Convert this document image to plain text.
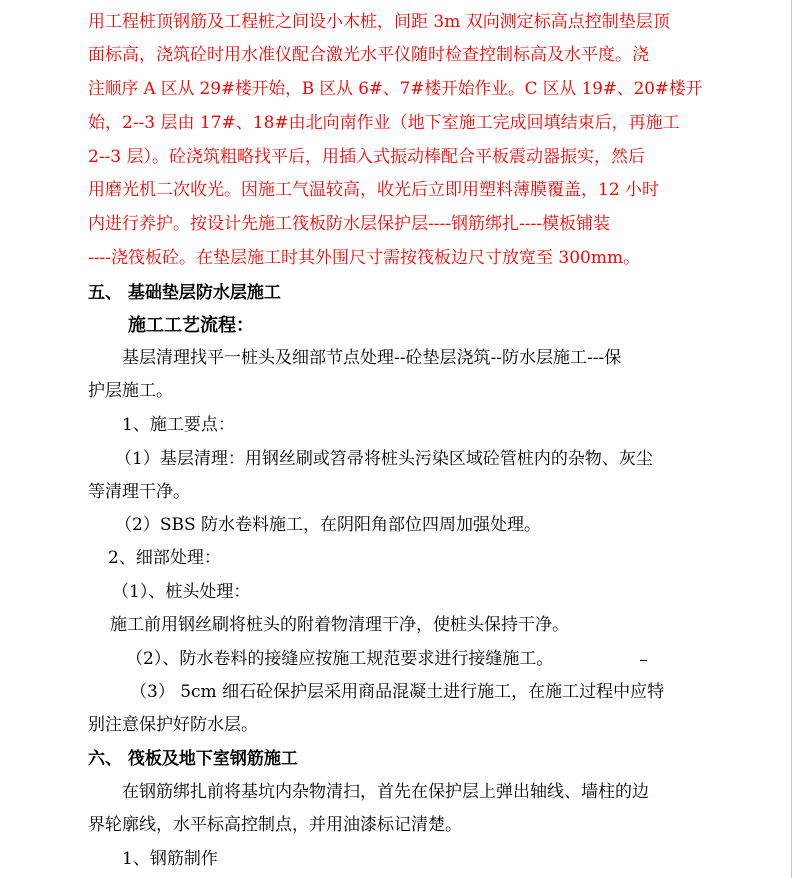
用工程桩顶钢筋及工程桩之间设小木桩，间距 3m 双向测定标高点控制垫层顶
面标高，浇筑砼时用水准仪配合激光水平仪随时检查控制标高及水平度。浇
注顺序 A 区从 29#楼开始，B 区从 6#、7#楼开始作业。C 区从 19#、20#楼开
始，2--3 层由 17#、18#由北向南作业（地下室施工完成回填结束后，再施工
2--3 层）。砼浇筑粗略找平后，用插入式振动棒配合平板震动器振实，然后
用磨光机二次收光。因施工气温较高，收光后立即用塑料薄膜覆盖，12 小时
内进行养护。按设计先施工筏板防水层保护层----钢筋绑扎----模板铺装
----浇筏板砼。在垫层施工时其外围尺寸需按筏板边尺寸放宽至 300mm。
五、 基础垫层防水层施工
施工工艺流程：
基层清理找平一桩头及细部节点处理--砼垫层浇筑--防水层施工---保
护层施工。
1、施工要点：
（1）基层清理：用钢丝刷或笤帚将桩头污染区域砼管桩内的杂物、灰尘
等清理干净。
（2）SBS 防水卷料施工，在阴阳角部位四周加强处理。
2、细部处理：
（1）、桩头处理：
施工前用钢丝刷将桩头的附着物清理干净，使桩头保持干净。
（2）、防水卷料的接缝应按施工规范要求进行接缝施工。
（3） 5cm 细石砼保护层采用商品混凝土进行施工，在施工过程中应特
别注意保护好防水层。
六、 筏板及地下室钢筋施工
在钢筋绑扎前将基坑内杂物清扫，首先在保护层上弹出轴线、墙柱的边
界轮廓线，水平标高控制点，并用油漆标记清楚。
1、钢筋制作
